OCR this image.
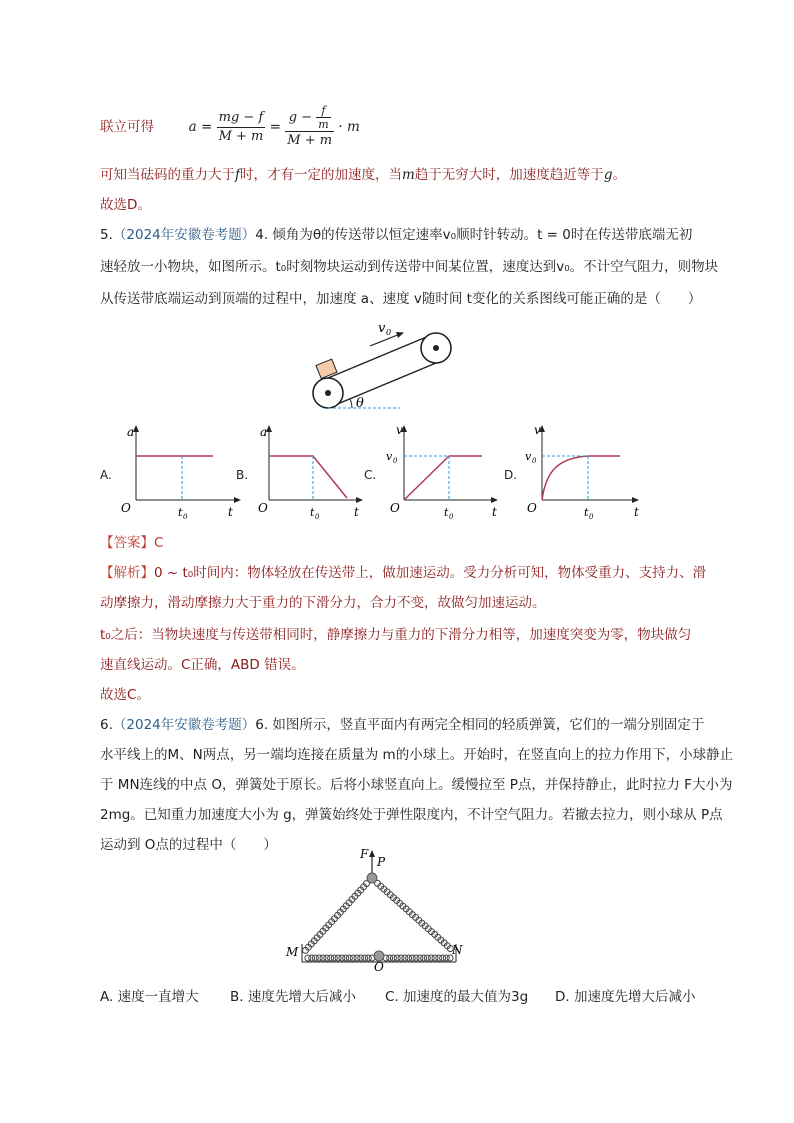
联立可得	$a = \frac{mg - f}{M + m} = \frac{g - \frac{f}{m}}{M + m} \cdot m$
可知当砝码的重力大于f时，才有一定的加速度，当m趋于无穷大时，加速度趋近等于g。
故选D。
5.（2024年安徽卷考题）4. 倾角为θ的传送带以恒定速率v₀顺时针转动。t = 0时在传送带底端无初
速轻放一小物块，如图所示。t₀时刻物块运动到传送带中间某位置，速度达到v₀。不计空气阻力，则物块
从传送带底端运动到顶端的过程中，加速度 a、速度 v随时间 t变化的关系图线可能正确的是（　　）
v 0
θ
A.
a
O	t 0	t
B.
a
O	t 0	t
C.
v
v 0
O	t 0	t
D.
v
v 0
O	t 0	t
【答案】C
【解析】0 ~ t₀时间内：物体轻放在传送带上，做加速运动。受力分析可知，物体受重力、支持力、滑
动摩擦力，滑动摩擦力大于重力的下滑分力，合力不变，故做匀加速运动。
t₀之后：当物块速度与传送带相同时，静摩擦力与重力的下滑分力相等，加速度突变为零，物块做匀
速直线运动。C正确，ABD 错误。
故选C。
6.（2024年安徽卷考题）6. 如图所示，竖直平面内有两完全相同的轻质弹簧，它们的一端分别固定于
水平线上的M、N两点，另一端均连接在质量为 m的小球上。开始时，在竖直向上的拉力作用下，小球静止
于 MN连线的中点 O，弹簧处于原长。后将小球竖直向上。缓慢拉至 P点，并保持静止，此时拉力 F大小为
2mg。已知重力加速度大小为 g，弹簧始终处于弹性限度内，不计空气阻力。若撤去拉力，则小球从 P点
运动到 O点的过程中（　　）
F
P
M	N
O
A. 速度一直增大 B. 速度先增大后减小 C. 加速度的最大值为3g D. 加速度先增大后减小
